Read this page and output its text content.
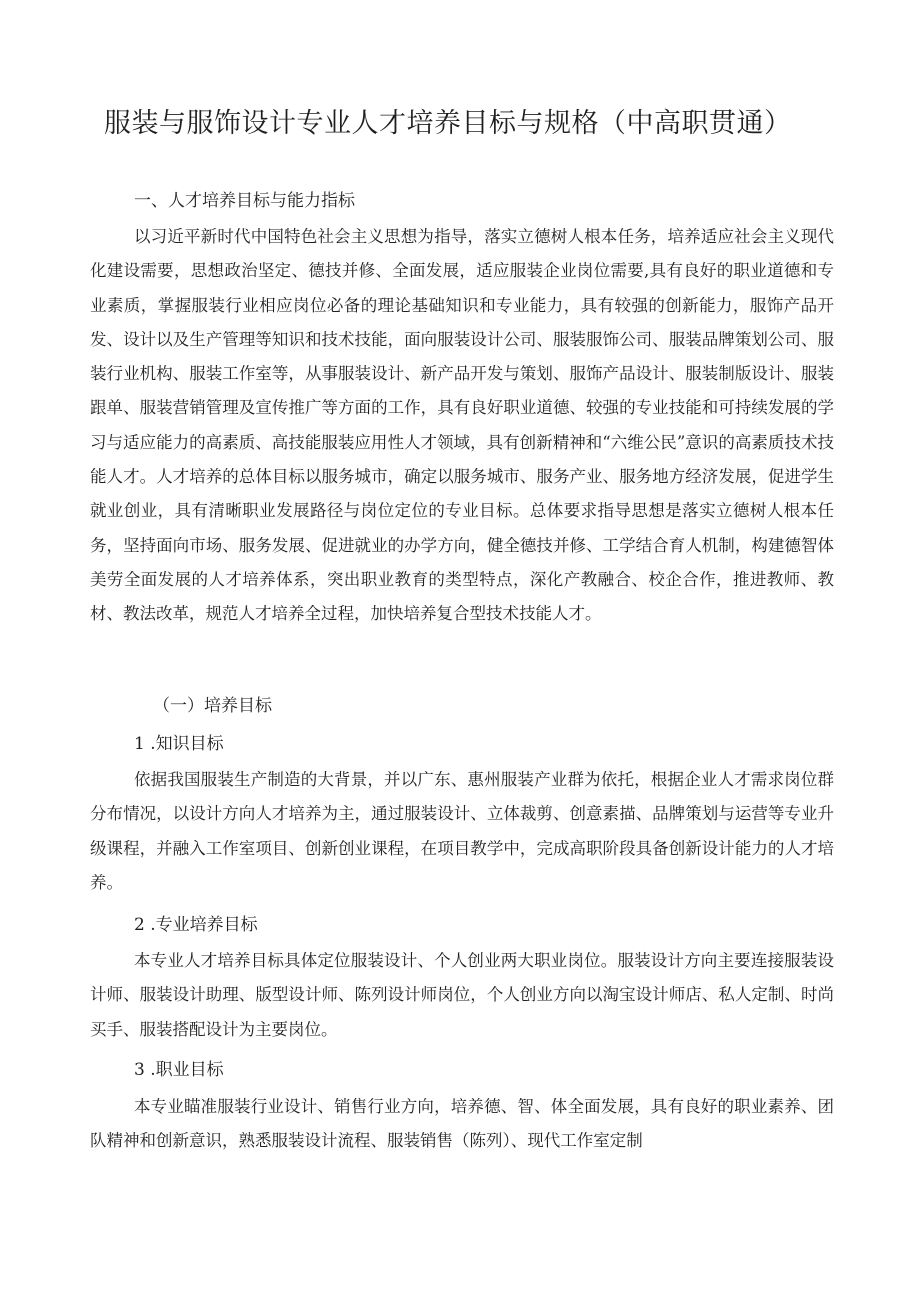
服装与服饰设计专业人才培养目标与规格（中高职贯通）
一、人才培养目标与能力指标

以习近平新时代中国特色社会主义思想为指导，落实立德树人根本任务，培养适应社会主义现代化建设需要，思想政治坚定、德技并修、全面发展，适应服装企业岗位需要,具有良好的职业道德和专业素质，掌握服装行业相应岗位必备的理论基础知识和专业能力，具有较强的创新能力，服饰产品开发、设计以及生产管理等知识和技术技能，面向服装设计公司、服装服饰公司、服装品牌策划公司、服装行业机构、服装工作室等，从事服装设计、新产品开发与策划、服饰产品设计、服装制版设计、服装跟单、服装营销管理及宣传推广等方面的工作，具有良好职业道德、较强的专业技能和可持续发展的学习与适应能力的高素质、高技能服装应用性人才领域，具有创新精神和“六维公民”意识的高素质技术技能人才。人才培养的总体目标以服务城市，确定以服务城市、服务产业、服务地方经济发展，促进学生就业创业，具有清晰职业发展路径与岗位定位的专业目标。总体要求指导思想是落实立德树人根本任务，坚持面向市场、服务发展、促进就业的办学方向，健全德技并修、工学结合育人机制，构建德智体美劳全面发展的人才培养体系，突出职业教育的类型特点，深化产教融合、校企合作，推进教师、教材、教法改革，规范人才培养全过程，加快培养复合型技术技能人才。

（一）培养目标
1 .知识目标

依据我国服装生产制造的大背景，并以广东、惠州服装产业群为依托，根据企业人才需求岗位群分布情况，以设计方向人才培养为主，通过服装设计、立体裁剪、创意素描、品牌策划与运营等专业升级课程，并融入工作室项目、创新创业课程，在项目教学中，完成高职阶段具备创新设计能力的人才培养。

2 .专业培养目标

本专业人才培养目标具体定位服装设计、个人创业两大职业岗位。服装设计方向主要连接服装设计师、服装设计助理、版型设计师、陈列设计师岗位，个人创业方向以淘宝设计师店、私人定制、时尚买手、服装搭配设计为主要岗位。

3 .职业目标

本专业瞄准服装行业设计、销售行业方向，培养德、智、体全面发展，具有良好的职业素养、团队精神和创新意识，熟悉服装设计流程、服装销售（陈列）、现代工作室定制
